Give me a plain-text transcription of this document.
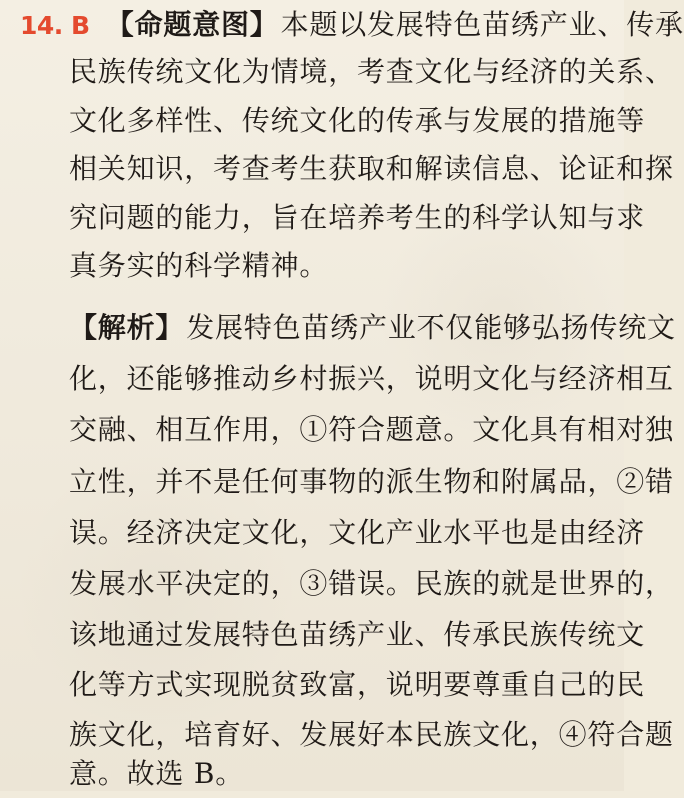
14. B 【命题意图】本题以发展特色苗绣产业、传承
民族传统文化为情境，考查文化与经济的关系、
文化多样性、传统文化的传承与发展的措施等
相关知识，考查考生获取和解读信息、论证和探
究问题的能力，旨在培养考生的科学认知与求
真务实的科学精神。
【解析】发展特色苗绣产业不仅能够弘扬传统文
化，还能够推动乡村振兴，说明文化与经济相互
交融、相互作用，①符合题意。文化具有相对独
立性，并不是任何事物的派生物和附属品，②错
误。经济决定文化，文化产业水平也是由经济
发展水平决定的，③错误。民族的就是世界的，
该地通过发展特色苗绣产业、传承民族传统文
化等方式实现脱贫致富，说明要尊重自己的民
族文化，培育好、发展好本民族文化，④符合题
意。故选 B。
